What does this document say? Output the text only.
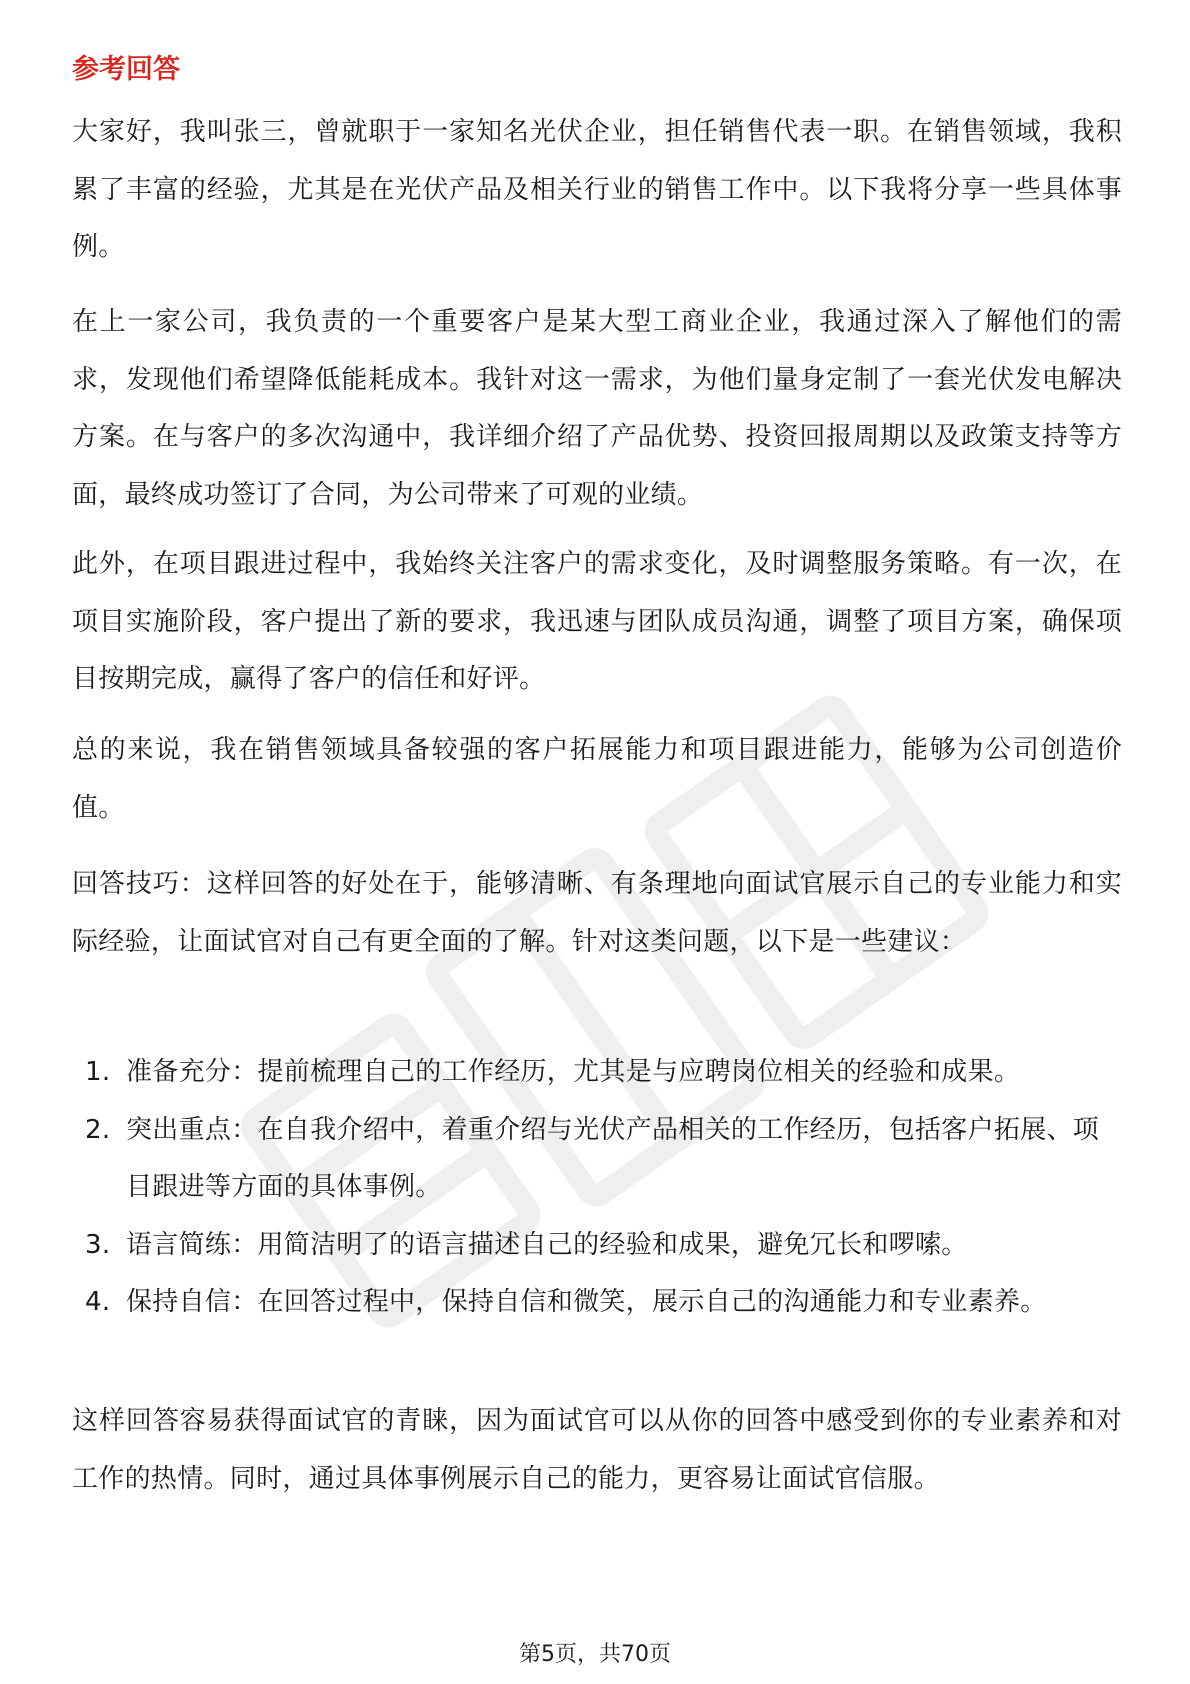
参考回答

大家好，我叫张三，曾就职于一家知名光伏企业，担任销售代表一职。在销售领域，我积累了丰富的经验，尤其是在光伏产品及相关行业的销售工作中。以下我将分享一些具体事例。

在上一家公司，我负责的一个重要客户是某大型工商业企业，我通过深入了解他们的需求，发现他们希望降低能耗成本。我针对这一需求，为他们量身定制了一套光伏发电解决方案。在与客户的多次沟通中，我详细介绍了产品优势、投资回报周期以及政策支持等方面，最终成功签订了合同，为公司带来了可观的业绩。

此外，在项目跟进过程中，我始终关注客户的需求变化，及时调整服务策略。有一次，在项目实施阶段，客户提出了新的要求，我迅速与团队成员沟通，调整了项目方案，确保项目按期完成，赢得了客户的信任和好评。

总的来说，我在销售领域具备较强的客户拓展能力和项目跟进能力，能够为公司创造价值。

回答技巧：这样回答的好处在于，能够清晰、有条理地向面试官展示自己的专业能力和实际经验，让面试官对自己有更全面的了解。针对这类问题，以下是一些建议：

1. 准备充分：提前梳理自己的工作经历，尤其是与应聘岗位相关的经验和成果。
2. 突出重点：在自我介绍中，着重介绍与光伏产品相关的工作经历，包括客户拓展、项目跟进等方面的具体事例。
3. 语言简练：用简洁明了的语言描述自己的经验和成果，避免冗长和啰嗦。
4. 保持自信：在回答过程中，保持自信和微笑，展示自己的沟通能力和专业素养。

这样回答容易获得面试官的青睐，因为面试官可以从你的回答中感受到你的专业素养和对工作的热情。同时，通过具体事例展示自己的能力，更容易让面试官信服。

第5页，共70页
